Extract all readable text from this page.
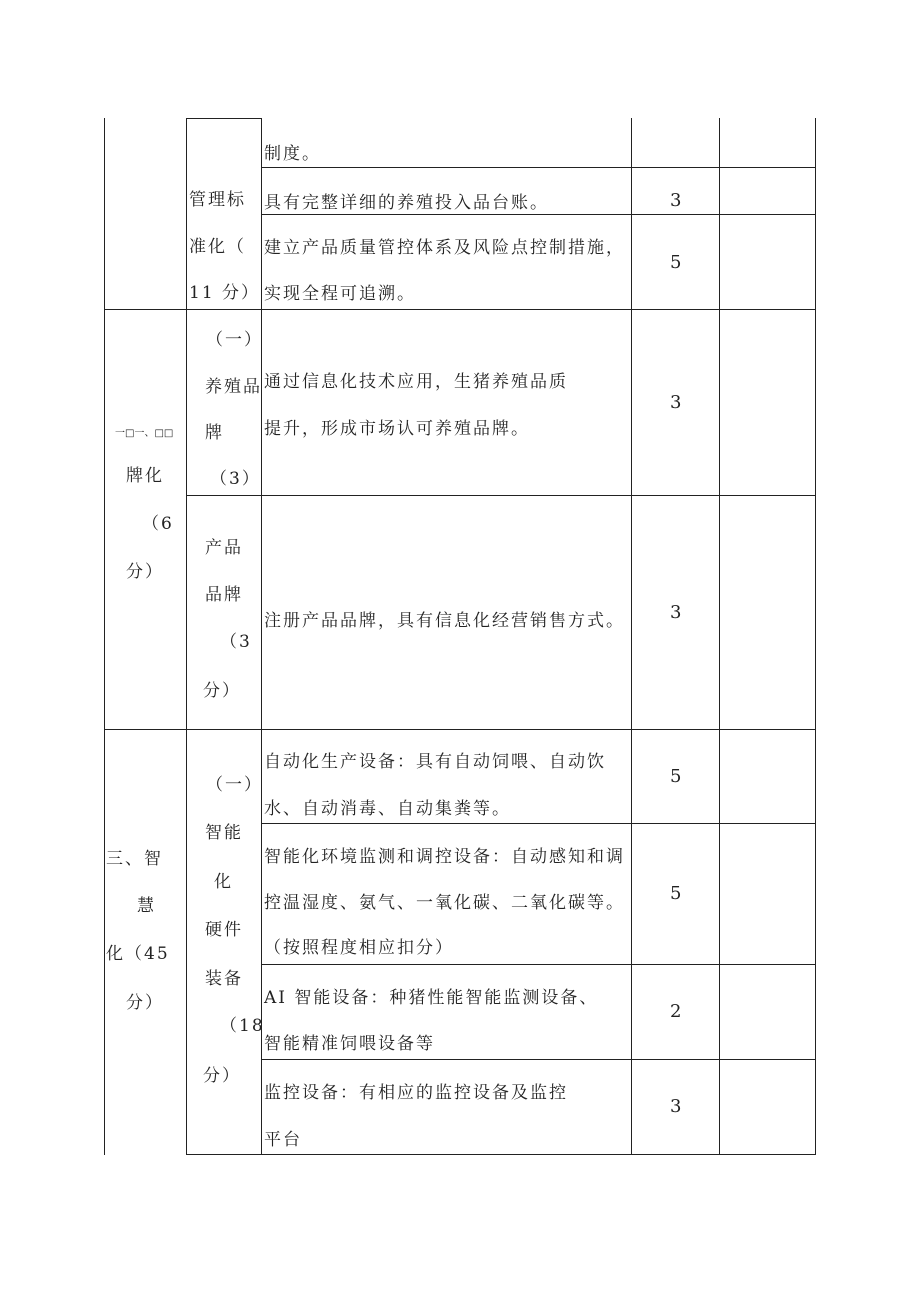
管理标
准化（
11 分）
制度。
具有完整详细的养殖投入品台账。	3
建立产品质量管控体系及风险点控制措施，
实现全程可追溯。
5
一□一、□□
牌化
（6
分）
（一）
养殖品
牌
（3）
通过信息化技术应用，生猪养殖品质
提升，形成市场认可养殖品牌。
3
产品
品牌
（3
分）
注册产品品牌，具有信息化经营销售方式。	3
三、智
慧
化（45
分）
（一）
智能
化
硬件
装备
（18
分）
自动化生产设备：具有自动饲喂、自动饮
水、自动消毒、自动集粪等。
5
智能化环境监测和调控设备：自动感知和调
控温湿度、氨气、一氧化碳、二氧化碳等。
（按照程度相应扣分）
5
AI 智能设备：种猪性能智能监测设备、
智能精准饲喂设备等
2
监控设备：有相应的监控设备及监控
平台
3
